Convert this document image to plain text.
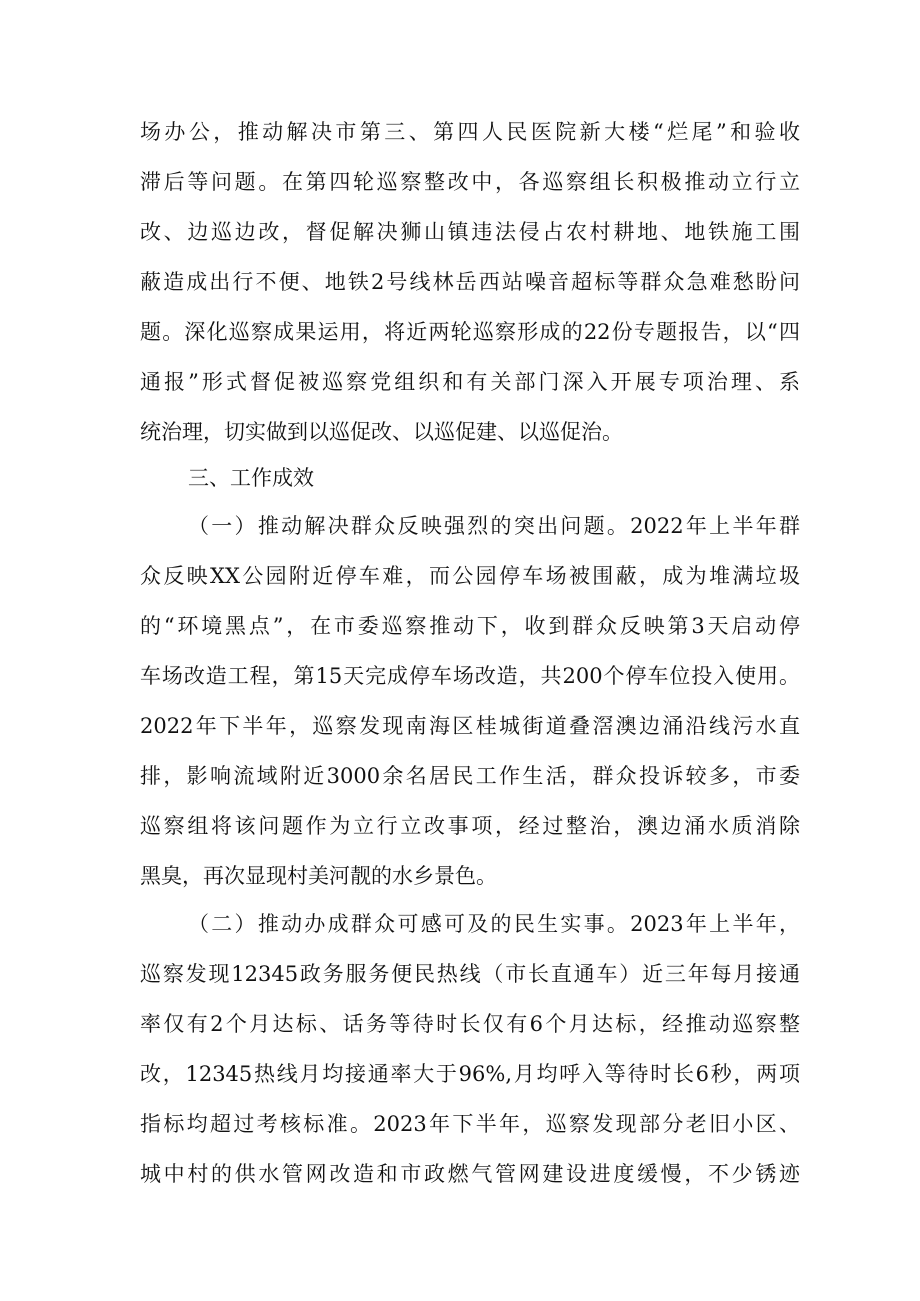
场办公，推动解决市第三、第四人民医院新大楼“烂尾”和验收
滞后等问题。在第四轮巡察整改中，各巡察组长积极推动立行立
改、边巡边改，督促解决狮山镇违法侵占农村耕地、地铁施工围
蔽造成出行不便、地铁2号线林岳西站噪音超标等群众急难愁盼问
题。深化巡察成果运用，将近两轮巡察形成的22份专题报告，以“四
通报”形式督促被巡察党组织和有关部门深入开展专项治理、系
统治理，切实做到以巡促改、以巡促建、以巡促治。
三、工作成效
（一）推动解决群众反映强烈的突出问题。2022年上半年群
众反映XX公园附近停车难，而公园停车场被围蔽，成为堆满垃圾
的“环境黑点”，在市委巡察推动下，收到群众反映第3天启动停
车场改造工程，第15天完成停车场改造，共200个停车位投入使用。
2022年下半年，巡察发现南海区桂城街道叠滘澳边涌沿线污水直
排，影响流域附近3000余名居民工作生活，群众投诉较多，市委
巡察组将该问题作为立行立改事项，经过整治，澳边涌水质消除
黑臭，再次显现村美河靓的水乡景色。
（二）推动办成群众可感可及的民生实事。2023年上半年，
巡察发现12345政务服务便民热线（市长直通车）近三年每月接通
率仅有2个月达标、话务等待时长仅有6个月达标，经推动巡察整
改，12345热线月均接通率大于96%,月均呼入等待时长6秒，两项
指标均超过考核标准。2023年下半年，巡察发现部分老旧小区、
城中村的供水管网改造和市政燃气管网建设进度缓慢，不少锈迹
